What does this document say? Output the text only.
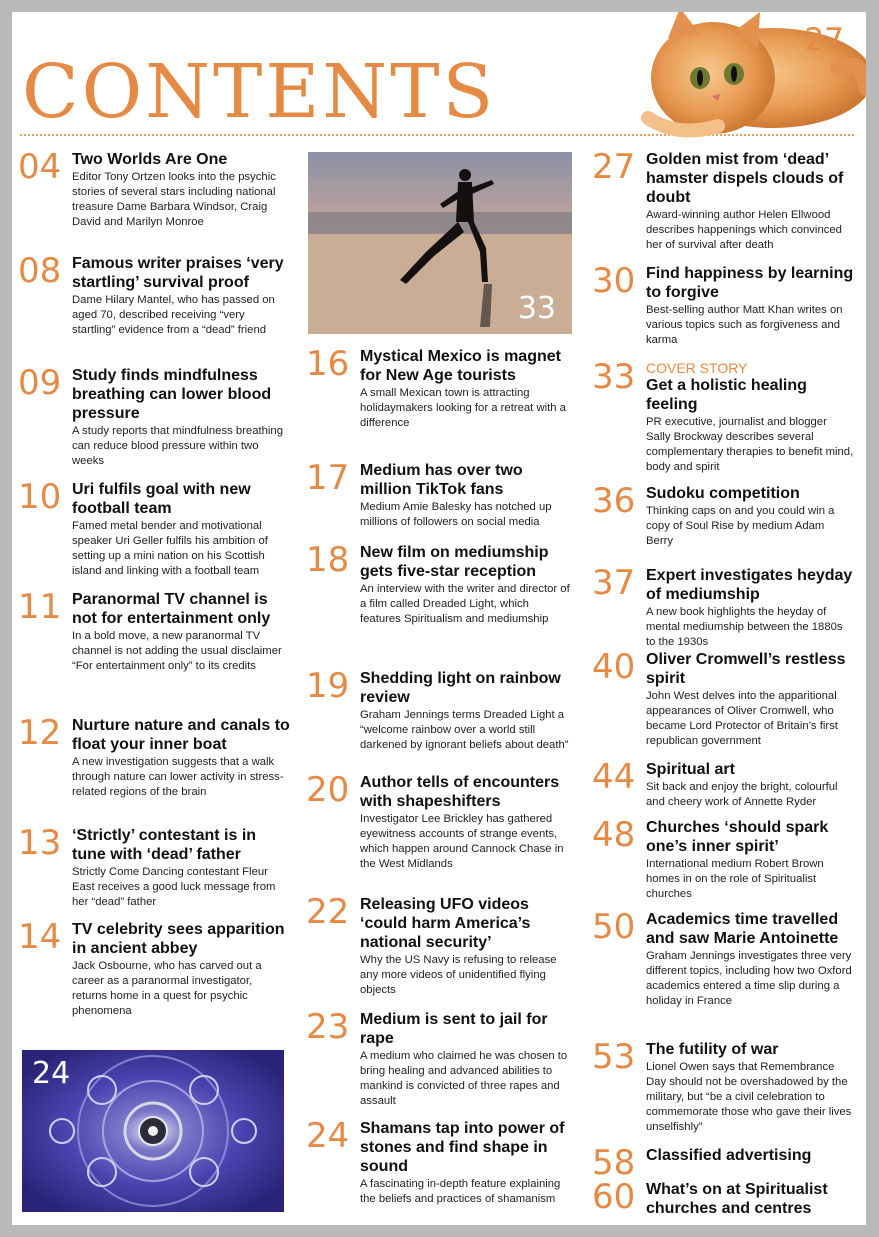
CONTENTS
27
33
24
04 Two Worlds Are One
Editor Tony Ortzen looks into the psychic stories of several stars including national treasure Dame Barbara Windsor, Craig David and Marilyn Monroe
08 Famous writer praises ‘very startling’ survival proof
Dame Hilary Mantel, who has passed on aged 70, described receiving “very startling” evidence from a “dead” friend
09 Study finds mindfulness breathing can lower blood pressure
A study reports that mindfulness breathing can reduce blood pressure within two weeks
10 Uri fulfils goal with new football team
Famed metal bender and motivational speaker Uri Geller fulfils his ambition of setting up a mini nation on his Scottish island and linking with a football team
11 Paranormal TV channel is not for entertainment only
In a bold move, a new paranormal TV channel is not adding the usual disclaimer “For entertainment only” to its credits
12 Nurture nature and canals to float your inner boat
A new investigation suggests that a walk through nature can lower activity in stress-related regions of the brain
13 ‘Strictly’ contestant is in tune with ‘dead’ father
Strictly Come Dancing contestant Fleur East receives a good luck message from her “dead” father
14 TV celebrity sees apparition in ancient abbey
Jack Osbourne, who has carved out a career as a paranormal investigator, returns home in a quest for psychic phenomena
16 Mystical Mexico is magnet for New Age tourists
A small Mexican town is attracting holidaymakers looking for a retreat with a difference
17 Medium has over two million TikTok fans
Medium Amie Balesky has notched up millions of followers on social media
18 New film on mediumship gets five-star reception
An interview with the writer and director of a film called Dreaded Light, which features Spiritualism and mediumship
19 Shedding light on rainbow review
Graham Jennings terms Dreaded Light a “welcome rainbow over a world still darkened by ignorant beliefs about death”
20 Author tells of encounters with shapeshifters
Investigator Lee Brickley has gathered eyewitness accounts of strange events, which happen around Cannock Chase in the West Midlands
22 Releasing UFO videos ‘could harm America’s national security’
Why the US Navy is refusing to release any more videos of unidentified flying objects
23 Medium is sent to jail for rape
A medium who claimed he was chosen to bring healing and advanced abilities to mankind is convicted of three rapes and assault
24 Shamans tap into power of stones and find shape in sound
A fascinating in-depth feature explaining the beliefs and practices of shamanism
27 Golden mist from ‘dead’ hamster dispels clouds of doubt
Award-winning author Helen Ellwood describes happenings which convinced her of survival after death
30 Find happiness by learning to forgive
Best-selling author Matt Khan writes on various topics such as forgiveness and karma
33 COVER STORY
Get a holistic healing feeling
PR executive, journalist and blogger Sally Brockway describes several complementary therapies to benefit mind, body and spirit
36 Sudoku competition
Thinking caps on and you could win a copy of Soul Rise by medium Adam Berry
37 Expert investigates heyday of mediumship
A new book highlights the heyday of mental mediumship between the 1880s to the 1930s
40 Oliver Cromwell’s restless spirit
John West delves into the apparitional appearances of Oliver Cromwell, who became Lord Protector of Britain’s first republican government
44 Spiritual art
Sit back and enjoy the bright, colourful and cheery work of Annette Ryder
48 Churches ‘should spark one’s inner spirit’
International medium Robert Brown homes in on the role of Spiritualist churches
50 Academics time travelled and saw Marie Antoinette
Graham Jennings investigates three very different topics, including how two Oxford academics entered a time slip during a holiday in France
53 The futility of war
Lionel Owen says that Remembrance Day should not be overshadowed by the military, but “be a civil celebration to commemorate those who gave their lives unselfishly”
58 Classified advertising
60 What’s on at Spiritualist churches and centres
